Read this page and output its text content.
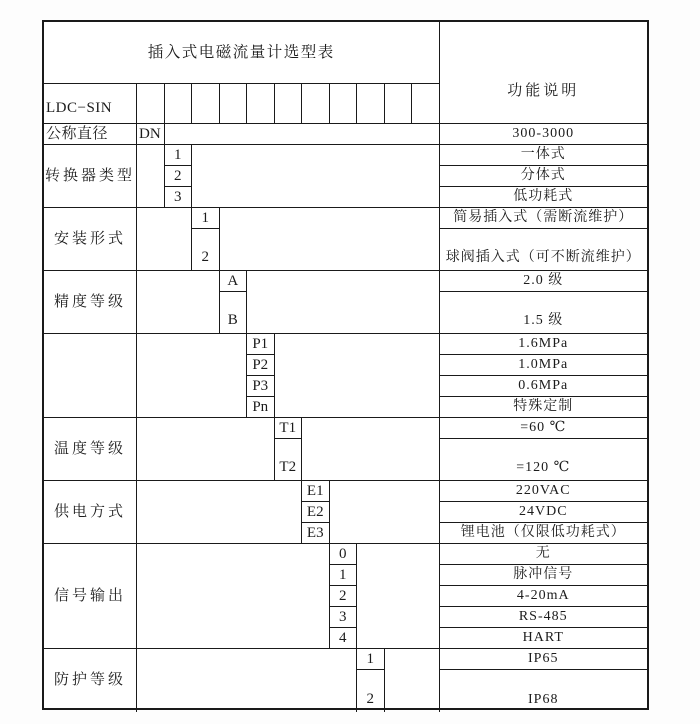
插入式电磁流量计选型表
功能说明
LDC−SIN
公称直径	DN	300-3000
转换器类型
1
2
3
一体式
分体式
低功耗式
安装形式
1
2
简易插入式（需断流维护）
球阀插入式（可不断流维护）
精度等级
A
B
2.0 级
1.5 级
P1
P2
P3
Pn
1.6MPa
1.0MPa
0.6MPa
特殊定制
温度等级
T1
T2
=60 ℃
=120 ℃
供电方式
E1
E2
E3
220VAC
24VDC
锂电池（仅限低功耗式）
信号输出
0
1
2
3
4
无
脉冲信号
4-20mA
RS-485
HART
防护等级
1
2
IP65
IP68
